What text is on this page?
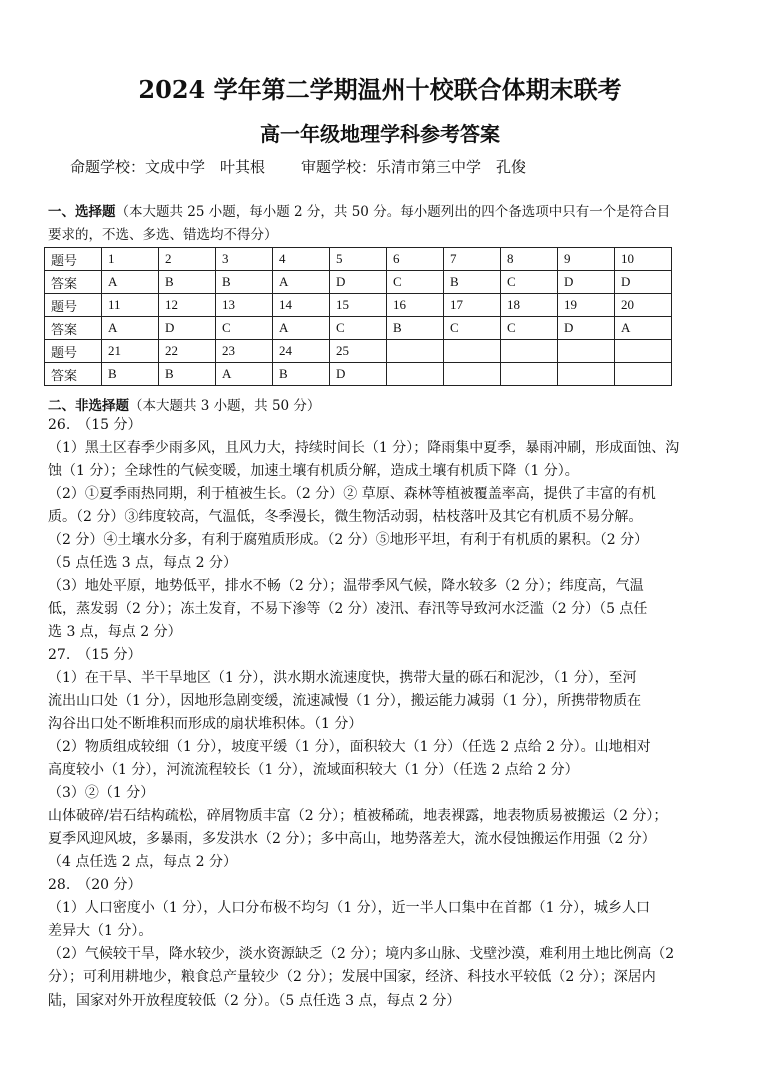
2024 学年第二学期温州十校联合体期末联考
高一年级地理学科参考答案
命题学校：文成中学　叶其根 审题学校：乐清市第三中学　孔俊
一、选择题（本大题共 25 小题，每小题 2 分，共 50 分。每小题列出的四个备选项中只有一个是符合目
要求的，不选、多选、错选均不得分）
题号	1	2	3	4	5	6	7	8	9	10
答案	A	B	B	A	D	C	B	C	D	D
题号	11	12	13	14	15	16	17	18	19	20
答案	A	D	C	A	C	B	C	C	D	A
题号	21	22	23	24	25					
答案	B	B	A	B	D					
二、非选择题（本大题共 3 小题，共 50 分）
26.　（15 分）
（1）黑土区春季少雨多风，且风力大，持续时间长（1 分）；降雨集中夏季，暴雨冲刷，形成面蚀、沟
蚀（1 分）；全球性的气候变暖，加速土壤有机质分解，造成土壤有机质下降（1 分）。
（2）①夏季雨热同期，利于植被生长。（2 分）② 草原、森林等植被覆盖率高，提供了丰富的有机
质。（2 分）③纬度较高，气温低，冬季漫长，微生物活动弱，枯枝落叶及其它有机质不易分解。
（2 分）④土壤水分多，有利于腐殖质形成。（2 分）⑤地形平坦，有利于有机质的累积。（2 分）
（5 点任选 3 点，每点 2 分）
（3）地处平原，地势低平，排水不畅（2 分）；温带季风气候，降水较多（2 分）；纬度高，气温
低，蒸发弱（2 分）；冻土发育，不易下渗等（2 分）凌汛、春汛等导致河水泛滥（2 分）（5 点任
选 3 点，每点 2 分）
27.　（15 分）
（1）在干旱、半干旱地区（1 分），洪水期水流速度快，携带大量的砾石和泥沙，（1 分），至河
流出山口处（1 分），因地形急剧变缓，流速减慢（1 分），搬运能力减弱（1 分），所携带物质在
沟谷出口处不断堆积而形成的扇状堆积体。（1 分）
（2）物质组成较细（1 分），坡度平缓（1 分），面积较大（1 分）（任选 2 点给 2 分）。山地相对
高度较小（1 分），河流流程较长（1 分），流域面积较大（1 分）（任选 2 点给 2 分）
（3）②（1 分）
山体破碎/岩石结构疏松，碎屑物质丰富（2 分）；植被稀疏，地表裸露，地表物质易被搬运（2 分）；
夏季风迎风坡，多暴雨，多发洪水（2 分）；多中高山，地势落差大，流水侵蚀搬运作用强（2 分）
（4 点任选 2 点，每点 2 分）
28.　（20 分）
（1）人口密度小（1 分），人口分布极不均匀（1 分），近一半人口集中在首都（1 分），城乡人口
差异大（1 分）。
（2）气候较干旱，降水较少，淡水资源缺乏（2 分）；境内多山脉、戈壁沙漠，难利用土地比例高（2
分）；可利用耕地少，粮食总产量较少（2 分）；发展中国家，经济、科技水平较低（2 分）；深居内
陆，国家对外开放程度较低（2 分）。（5 点任选 3 点，每点 2 分）
